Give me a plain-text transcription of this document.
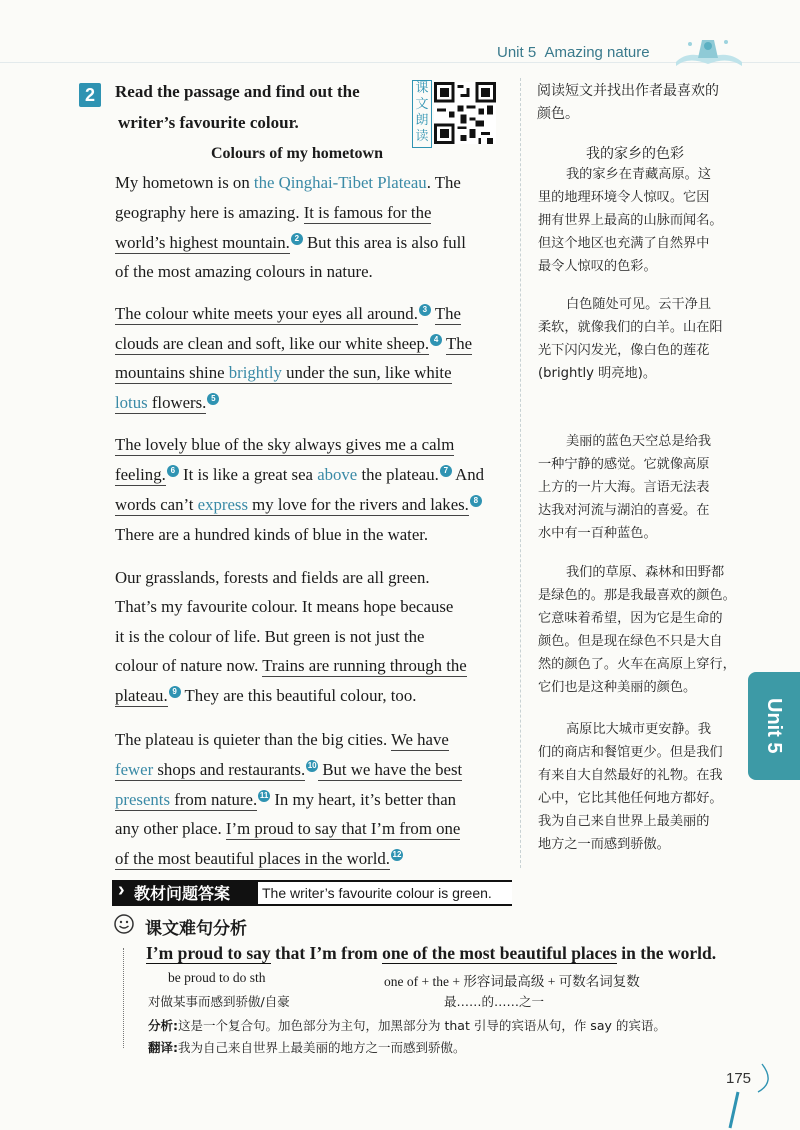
Unit 5 Amazing nature
2	Read the passage and find out the
writer’s favourite colour.
课文朗读
Colours of my hometown
My hometown is on the Qinghai-Tibet Plateau. The
geography here is amazing. It is famous for the
world’s highest mountain. 2 But this area is also full
of the most amazing colours in nature.
The colour white meets your eyes all around. 3 The
clouds are clean and soft, like our white sheep. 4 The
mountains shine brightly under the sun, like white
lotus flowers. 5
The lovely blue of the sky always gives me a calm
feeling. 6 It is like a great sea above the plateau. 7 And
words can’t express my love for the rivers and lakes. 8
There are a hundred kinds of blue in the water.
Our grasslands, forests and fields are all green.
That’s my favourite colour. It means hope because
it is the colour of life. But green is not just the
colour of nature now. Trains are running through the
plateau. 9 They are this beautiful colour, too.
The plateau is quieter than the big cities. We have
fewer shops and restaurants. 10 But we have the best
presents from nature. 11 In my heart, it’s better than
any other place. I’m proud to say that I’m from one
of the most beautiful places in the world. 12
阅读短文并找出作者最喜欢的
颜色。
我的家乡的色彩
我的家乡在青藏高原。这
里的地理环境令人惊叹。它因
拥有世界上最高的山脉而闻名。
但这个地区也充满了自然界中
最令人惊叹的色彩。
白色随处可见。云干净且
柔软，就像我们的白羊。山在阳
光下闪闪发光，像白色的莲花
(brightly 明亮地)。
美丽的蓝色天空总是给我
一种宁静的感觉。它就像高原
上方的一片大海。言语无法表
达我对河流与湖泊的喜爱。在
水中有一百种蓝色。
我们的草原、森林和田野都
是绿色的。那是我最喜欢的颜色。
它意味着希望，因为它是生命的
颜色。但是现在绿色不只是大自
然的颜色了。火车在高原上穿行，
它们也是这种美丽的颜色。
高原比大城市更安静。我
们的商店和餐馆更少。但是我们
有来自大自然最好的礼物。在我
心中，它比其他任何地方都好。
我为自己来自世界上最美丽的
地方之一而感到骄傲。
Unit 5
› 教材问题答案 The writer’s favourite colour is green.
课文难句分析
I’m proud to say that I’m from one of the most beautiful places in the world.
be proud to do sth
对做某事而感到骄傲/自豪
one of + the + 形容词最高级 + 可数名词复数
最……的……之一
分析:这是一个复合句。加色部分为主句，加黑部分为 that 引导的宾语从句，作 say 的宾语。
翻译:我为自己来自世界上最美丽的地方之一而感到骄傲。
175
